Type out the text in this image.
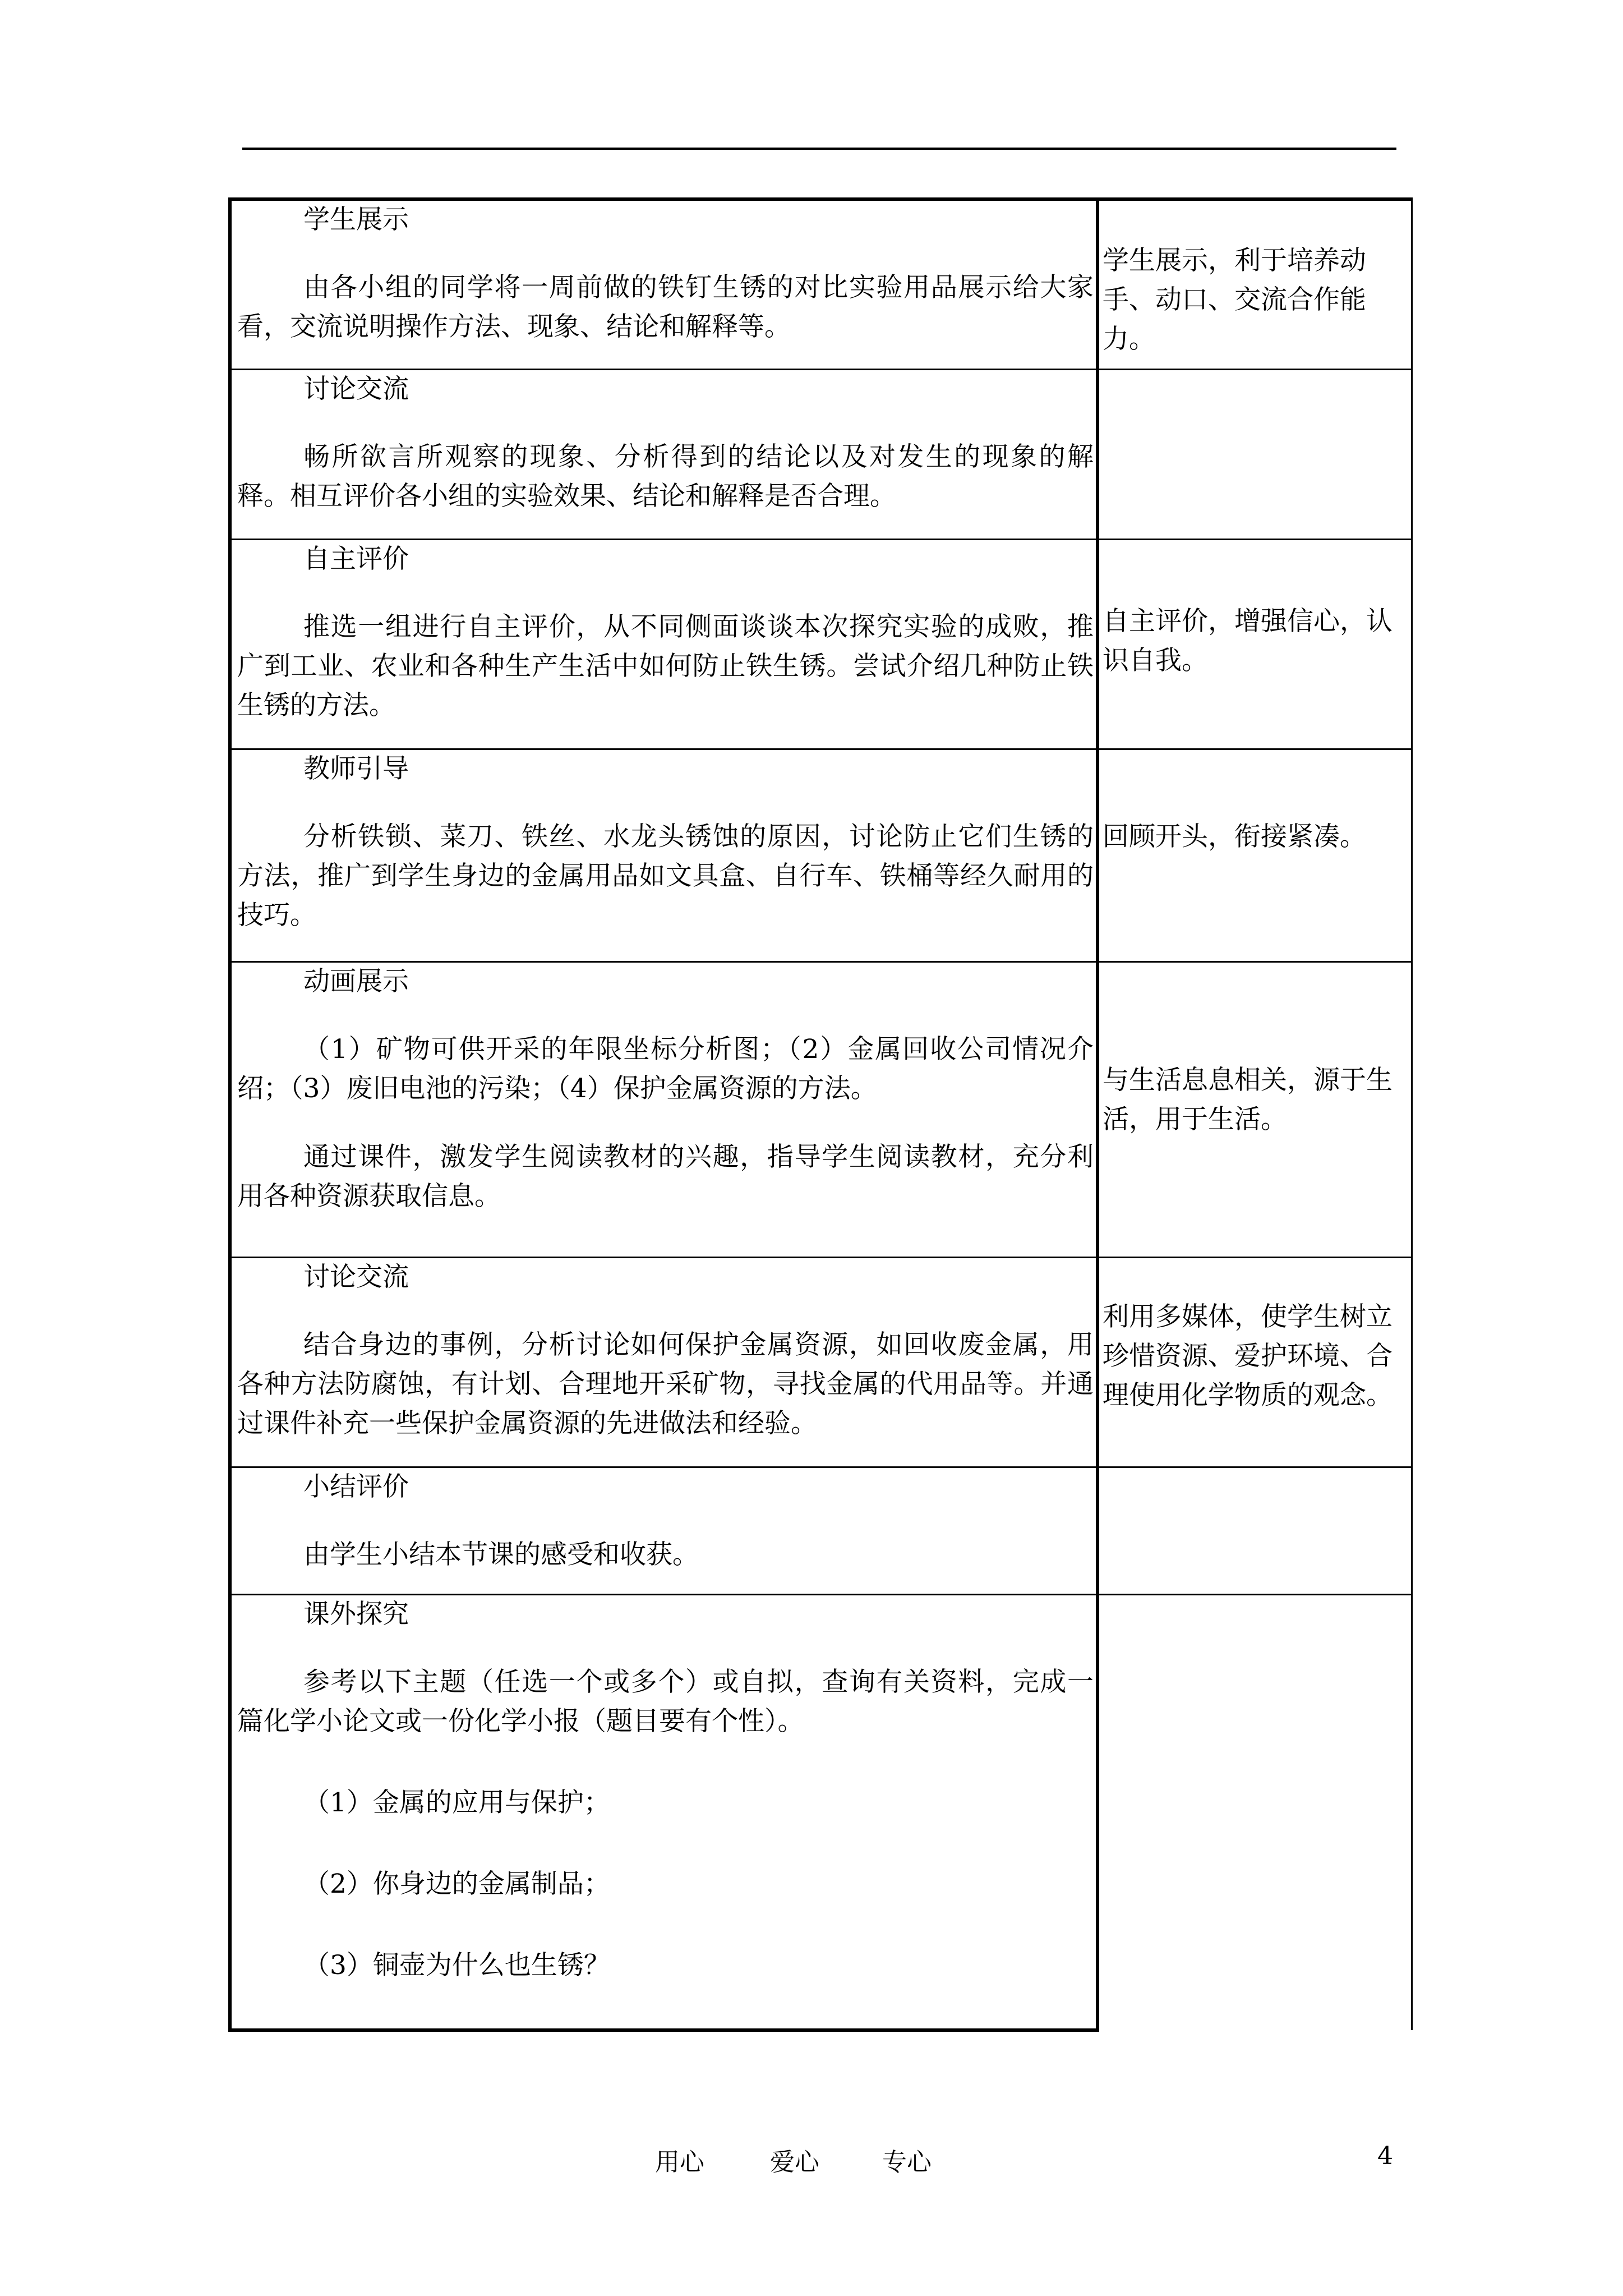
学生展示

由各小组的同学将一周前做的铁钉生锈的对比实验用品展示给大家看，交流说明操作方法、现象、结论和解释等。	学生展示，利于培养动手、动口、交流合作能力。

讨论交流

畅所欲言所观察的现象、分析得到的结论以及对发生的现象的解释。相互评价各小组的实验效果、结论和解释是否合理。	

自主评价

推选一组进行自主评价，从不同侧面谈谈本次探究实验的成败，推广到工业、农业和各种生产生活中如何防止铁生锈。尝试介绍几种防止铁生锈的方法。	自主评价，增强信心，认识自我。

教师引导

分析铁锁、菜刀、铁丝、水龙头锈蚀的原因，讨论防止它们生锈的方法，推广到学生身边的金属用品如文具盒、自行车、铁桶等经久耐用的技巧。	回顾开头，衔接紧凑。

动画展示

（1）矿物可供开采的年限坐标分析图；（2）金属回收公司情况介绍；（3）废旧电池的污染；（4）保护金属资源的方法。

通过课件，激发学生阅读教材的兴趣，指导学生阅读教材，充分利用各种资源获取信息。	与生活息息相关，源于生活，用于生活。

讨论交流

结合身边的事例，分析讨论如何保护金属资源，如回收废金属，用各种方法防腐蚀，有计划、合理地开采矿物，寻找金属的代用品等。并通过课件补充一些保护金属资源的先进做法和经验。	利用多媒体，使学生树立珍惜资源、爱护环境、合理使用化学物质的观念。

小结评价

由学生小结本节课的感受和收获。	

课外探究

参考以下主题（任选一个或多个）或自拟，查询有关资料，完成一篇化学小论文或一份化学小报（题目要有个性）。

（1）金属的应用与保护；

（2）你身边的金属制品；

（3）铜壶为什么也生锈？	

用心	爱心	专心	4
